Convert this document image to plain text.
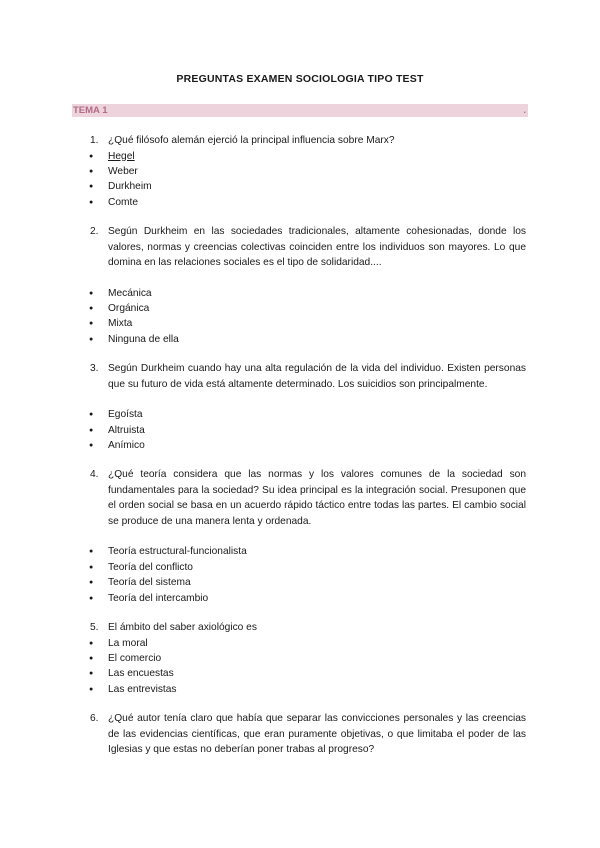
PREGUNTAS EXAMEN SOCIOLOGIA TIPO TEST
TEMA 1	.
1. ¿Qué filósofo alemán ejerció la principal influencia sobre Marx?
● Hegel
● Weber
● Durkheim
● Comte
2. Según Durkheim en las sociedades tradicionales, altamente cohesionadas, donde los valores, normas y creencias colectivas coinciden entre los individuos son mayores. Lo que domina en las relaciones sociales es el tipo de solidaridad....
● Mecánica
● Orgánica
● Mixta
● Ninguna de ella
3. Según Durkheim cuando hay una alta regulación de la vida del individuo. Existen personas que su futuro de vida está altamente determinado. Los suicidios son principalmente.
● Egoísta
● Altruista
● Anímico
4. ¿Qué teoría considera que las normas y los valores comunes de la sociedad son fundamentales para la sociedad? Su idea principal es la integración social. Presuponen que el orden social se basa en un acuerdo rápido táctico entre todas las partes. El cambio social se produce de una manera lenta y ordenada.
● Teoría estructural-funcionalista
● Teoría del conflicto
● Teoría del sistema
● Teoría del intercambio
5. El ámbito del saber axiológico es
● La moral
● El comercio
● Las encuestas
● Las entrevistas
6. ¿Qué autor tenía claro que había que separar las convicciones personales y las creencias de las evidencias científicas, que eran puramente objetivas, o que limitaba el poder de las Iglesias y que estas no deberían poner trabas al progreso?
